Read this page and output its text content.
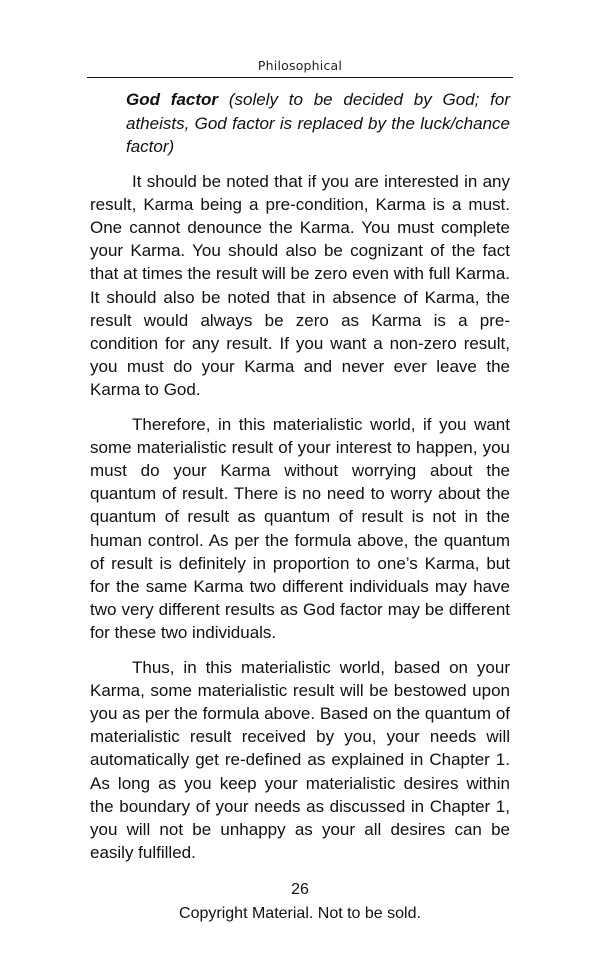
Philosophical
God factor (solely to be decided by God; for atheists, God factor is replaced by the luck/chance factor)

It should be noted that if you are interested in any result, Karma being a pre-condition, Karma is a must. One cannot denounce the Karma. You must complete your Karma. You should also be cognizant of the fact that at times the result will be zero even with full Karma. It should also be noted that in absence of Karma, the result would always be zero as Karma is a pre-condition for any result. If you want a non-zero result, you must do your Karma and never ever leave the Karma to God.

Therefore, in this materialistic world, if you want some materialistic result of your interest to happen, you must do your Karma without worrying about the quantum of result. There is no need to worry about the quantum of result as quantum of result is not in the human control. As per the formula above, the quantum of result is definitely in proportion to one’s Karma, but for the same Karma two different individuals may have two very different results as God factor may be different for these two individuals.

Thus, in this materialistic world, based on your Karma, some materialistic result will be bestowed upon you as per the formula above. Based on the quantum of materialistic result received by you, your needs will automatically get re-defined as explained in Chapter 1. As long as you keep your materialistic desires within the boundary of your needs as discussed in Chapter 1, you will not be unhappy as your all desires can be easily fulfilled.

26
Copyright Material. Not to be sold.
